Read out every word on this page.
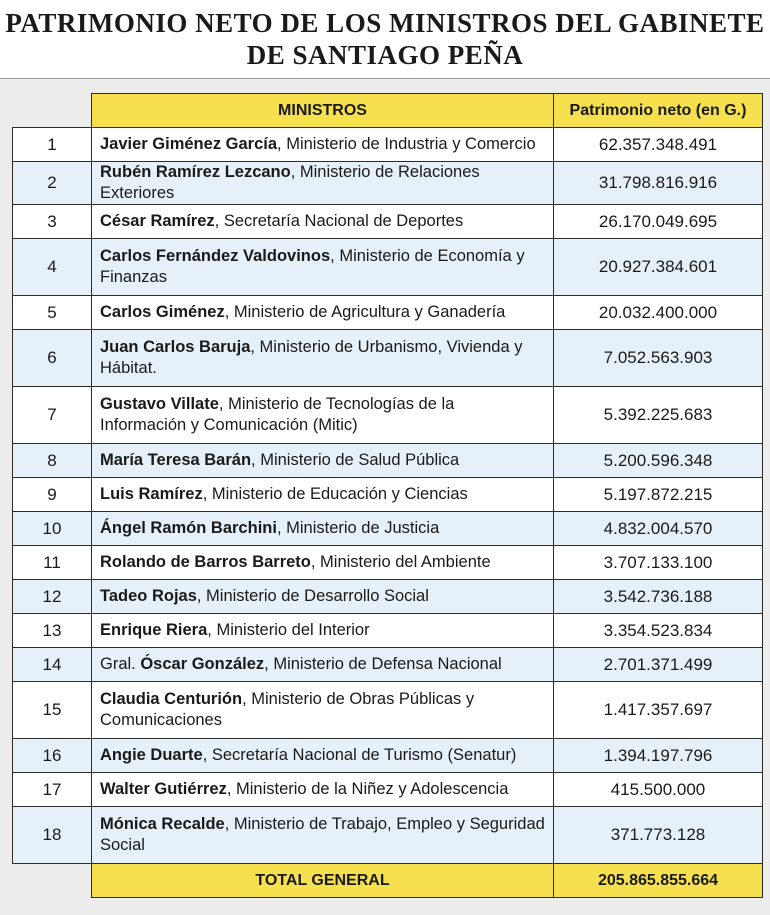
PATRIMONIO NETO DE LOS MINISTROS DEL GABINETE
DE SANTIAGO PEÑA
	MINISTROS	Patrimonio neto (en G.)
1	Javier Giménez García, Ministerio de Industria y Comercio	62.357.348.491
2	Rubén Ramírez Lezcano, Ministerio de Relaciones Exteriores	31.798.816.916
3	César Ramírez, Secretaría Nacional de Deportes	26.170.049.695
4	Carlos Fernández Valdovinos, Ministerio de Economía y Finanzas	20.927.384.601
5	Carlos Giménez, Ministerio de Agricultura y Ganadería	20.032.400.000
6	Juan Carlos Baruja, Ministerio de Urbanismo, Vivienda y Hábitat.	7.052.563.903
7	Gustavo Villate, Ministerio de Tecnologías de la Información y Comunicación (Mitic)	5.392.225.683
8	María Teresa Barán, Ministerio de Salud Pública	5.200.596.348
9	Luis Ramírez, Ministerio de Educación y Ciencias	5.197.872.215
10	Ángel Ramón Barchini, Ministerio de Justicia	4.832.004.570
11	Rolando de Barros Barreto, Ministerio del Ambiente	3.707.133.100
12	Tadeo Rojas, Ministerio de Desarrollo Social	3.542.736.188
13	Enrique Riera, Ministerio del Interior	3.354.523.834
14	Gral. Óscar González, Ministerio de Defensa Nacional	2.701.371.499
15	Claudia Centurión, Ministerio de Obras Públicas y Comunicaciones	1.417.357.697
16	Angie Duarte, Secretaría Nacional de Turismo (Senatur)	1.394.197.796
17	Walter Gutiérrez, Ministerio de la Niñez y Adolescencia	415.500.000
18	Mónica Recalde, Ministerio de Trabajo, Empleo y Seguridad Social	371.773.128
	TOTAL GENERAL	205.865.855.664
